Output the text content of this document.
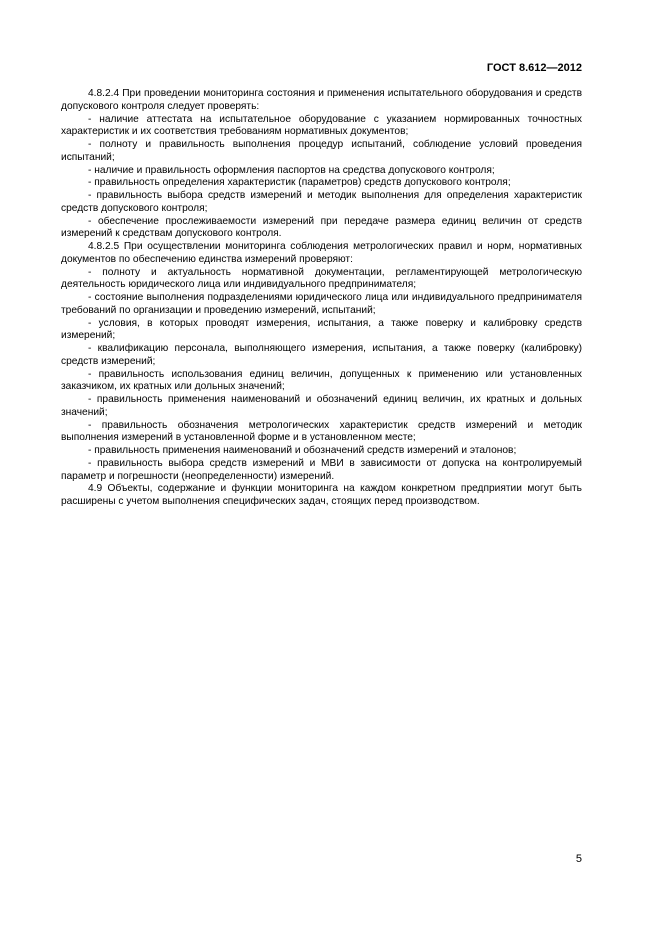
ГОСТ 8.612—2012

4.8.2.4 При проведении мониторинга состояния и применения испытательного оборудования и средств допускового контроля следует проверять:

- наличие аттестата на испытательное оборудование с указанием нормированных точностных характеристик и их соответствия требованиям нормативных документов;

- полноту и правильность выполнения процедур испытаний, соблюдение условий проведения испытаний;

- наличие и правильность оформления паспортов на средства допускового контроля;

- правильность определения характеристик (параметров) средств допускового контроля;

- правильность выбора средств измерений и методик выполнения для определения характеристик средств допускового контроля;

- обеспечение прослеживаемости измерений при передаче размера единиц величин от средств измерений к средствам допускового контроля.

4.8.2.5 При осуществлении мониторинга соблюдения метрологических правил и норм, нормативных документов по обеспечению единства измерений проверяют:

- полноту и актуальность нормативной документации, регламентирующей метрологическую деятельность юридического лица или индивидуального предпринимателя;

- состояние выполнения подразделениями юридического лица или индивидуального предпринимателя требований по организации и проведению измерений, испытаний;

- условия, в которых проводят измерения, испытания, а также поверку и калибровку средств измерений;

- квалификацию персонала, выполняющего измерения, испытания, а также поверку (калибровку) средств измерений;

- правильность использования единиц величин, допущенных к применению или установленных заказчиком, их кратных или дольных значений;

- правильность применения наименований и обозначений единиц величин, их кратных и дольных значений;

- правильность обозначения метрологических характеристик средств измерений и методик выполнения измерений в установленной форме и в установленном месте;

- правильность применения наименований и обозначений средств измерений и эталонов;

- правильность выбора средств измерений и МВИ в зависимости от допуска на контролируемый параметр и погрешности (неопределенности) измерений.

4.9 Объекты, содержание и функции мониторинга на каждом конкретном предприятии могут быть расширены с учетом выполнения специфических задач, стоящих перед производством.

5
